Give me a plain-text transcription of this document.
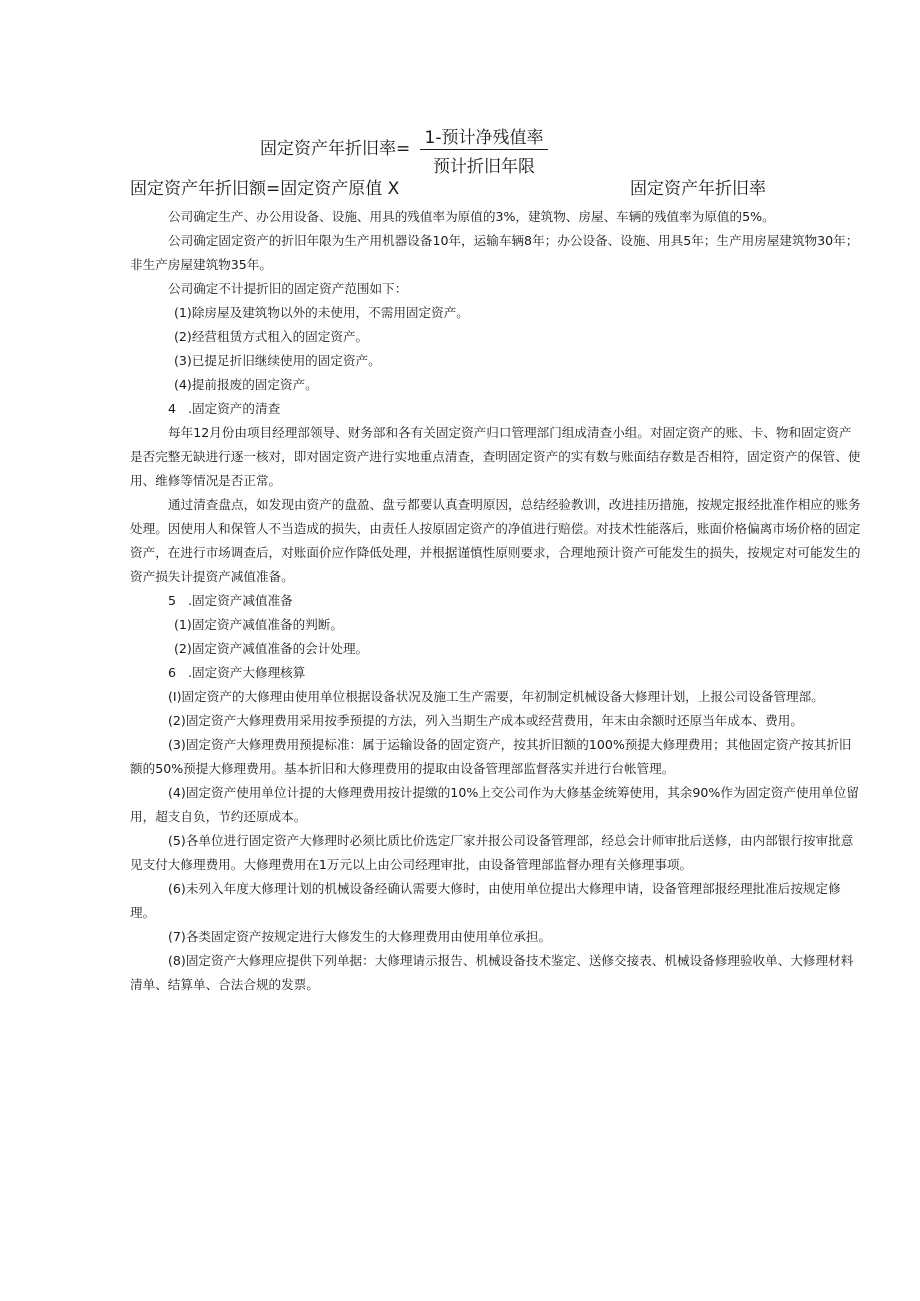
固定资产年折旧率=
1-预计净残值率
预计折旧年限
固定资产年折旧额=固定资产原值 X	固定资产年折旧率

公司确定生产、办公用设备、设施、用具的残值率为原值的3%，建筑物、房屋、车辆的残值率为原值的5%。

公司确定固定资产的折旧年限为生产用机器设备10年，运输车辆8年；办公设备、设施、用具5年；生产用房屋建筑物30年；非生产房屋建筑物35年。

公司确定不计提折旧的固定资产范围如下：

(1)除房屋及建筑物以外的未使用，不需用固定资产。

(2)经营租赁方式租入的固定资产。

(3)已提足折旧继续使用的固定资产。

(4)提前报废的固定资产。

4 .固定资产的清查

每年12月份由项目经理部领导、财务部和各有关固定资产归口管理部门组成清查小组。对固定资产的账、卡、物和固定资产是否完整无缺进行逐一核对，即对固定资产进行实地重点清查，查明固定资产的实有数与账面结存数是否相符，固定资产的保管、使用、维修等情况是否正常。

通过清查盘点，如发现由资产的盘盈、盘亏都要认真查明原因，总结经验教训，改进挂历措施，按规定报经批准作相应的账务处理。因使用人和保管人不当造成的损失，由责任人按原固定资产的净值进行赔偿。对技术性能落后，账面价格偏离市场价格的固定资产，在进行市场调查后，对账面价应作降低处理，并根据谨慎性原则要求，合理地预计资产可能发生的损失，按规定对可能发生的资产损失计提资产减值准备。

5 .固定资产减值准备

(1)固定资产减值准备的判断。

(2)固定资产减值准备的会计处理。

6 .固定资产大修理核算

(I)固定资产的大修理由使用单位根据设备状况及施工生产需要，年初制定机械设备大修理计划，上报公司设备管理部。

(2)固定资产大修理费用采用按季预提的方法，列入当期生产成本或经营费用，年末由余额时还原当年成本、费用。

(3)固定资产大修理费用预提标准：属于运输设备的固定资产，按其折旧额的100%预提大修理费用；其他固定资产按其折旧额的50%预提大修理费用。基本折旧和大修理费用的提取由设备管理部监督落实并进行台帐管理。

(4)固定资产使用单位计提的大修理费用按计提缴的10%上交公司作为大修基金统筹使用，其余90%作为固定资产使用单位留用，超支自负，节约还原成本。

(5)各单位进行固定资产大修理时必须比质比价选定厂家并报公司设备管理部，经总会计师审批后送修，由内部银行按审批意见支付大修理费用。大修理费用在1万元以上由公司经理审批，由设备管理部监督办理有关修理事项。

(6)未列入年度大修理计划的机械设备经确认需要大修时，由使用单位提出大修理申请，设备管理部报经理批准后按规定修理。

(7)各类固定资产按规定进行大修发生的大修理费用由使用单位承担。

(8)固定资产大修理应提供下列单据：大修理请示报告、机械设备技术鉴定、送修交接表、机械设备修理验收单、大修理材料清单、结算单、合法合规的发票。
